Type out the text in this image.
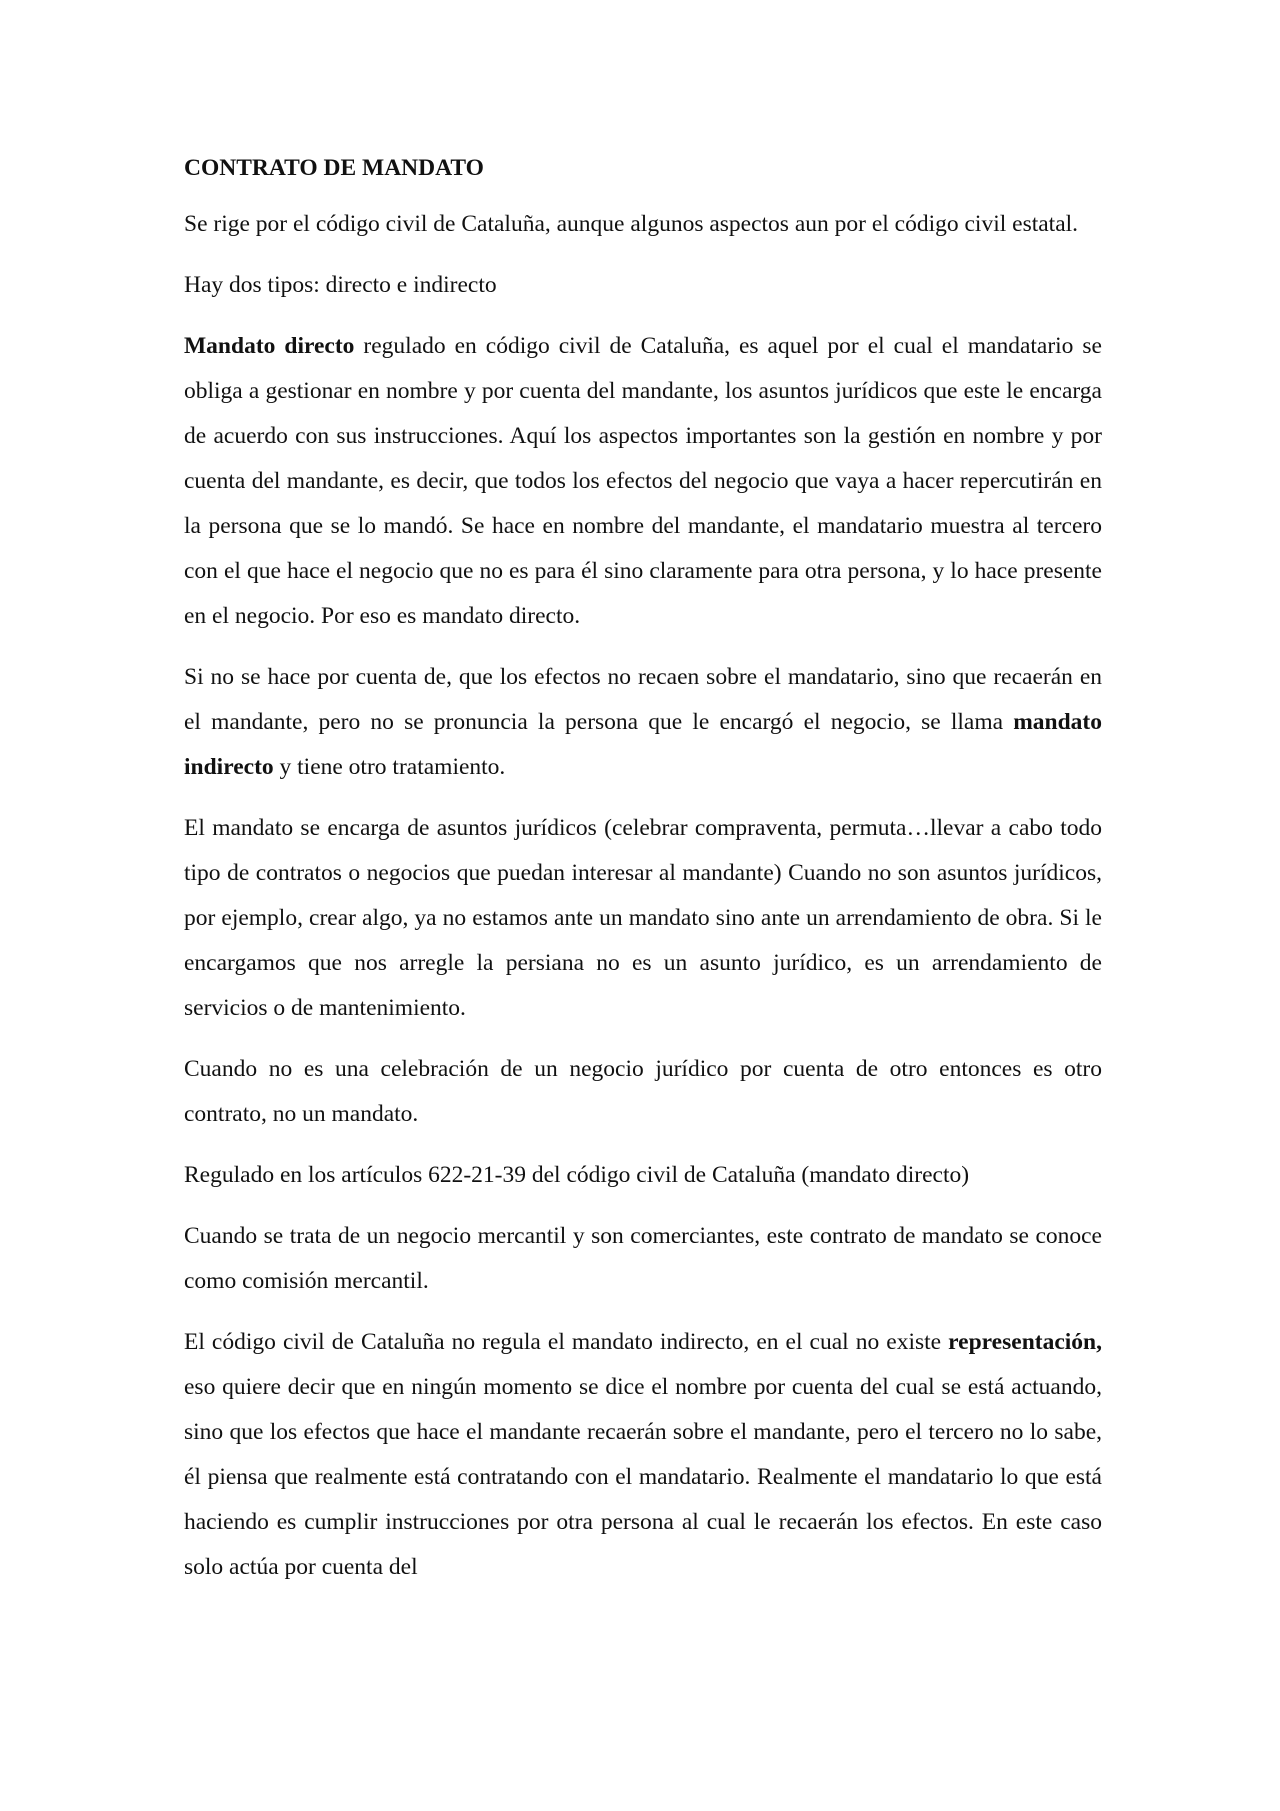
CONTRATO DE MANDATO

Se rige por el código civil de Cataluña, aunque algunos aspectos aun por el código civil estatal.

Hay dos tipos: directo e indirecto

Mandato directo regulado en código civil de Cataluña, es aquel por el cual el mandatario se obliga a gestionar en nombre y por cuenta del mandante, los asuntos jurídicos que este le encarga de acuerdo con sus instrucciones. Aquí los aspectos importantes son la gestión en nombre y por cuenta del mandante, es decir, que todos los efectos del negocio que vaya a hacer repercutirán en la persona que se lo mandó. Se hace en nombre del mandante, el mandatario muestra al tercero con el que hace el negocio que no es para él sino claramente para otra persona, y lo hace presente en el negocio. Por eso es mandato directo.

Si no se hace por cuenta de, que los efectos no recaen sobre el mandatario, sino que recaerán en el mandante, pero no se pronuncia la persona que le encargó el negocio, se llama mandato indirecto y tiene otro tratamiento.

El mandato se encarga de asuntos jurídicos (celebrar compraventa, permuta…llevar a cabo todo tipo de contratos o negocios que puedan interesar al mandante) Cuando no son asuntos jurídicos, por ejemplo, crear algo, ya no estamos ante un mandato sino ante un arrendamiento de obra. Si le encargamos que nos arregle la persiana no es un asunto jurídico, es un arrendamiento de servicios o de mantenimiento.

Cuando no es una celebración de un negocio jurídico por cuenta de otro entonces es otro contrato, no un mandato.

Regulado en los artículos 622-21-39 del código civil de Cataluña (mandato directo)

Cuando se trata de un negocio mercantil y son comerciantes, este contrato de mandato se conoce como comisión mercantil.

El código civil de Cataluña no regula el mandato indirecto, en el cual no existe representación, eso quiere decir que en ningún momento se dice el nombre por cuenta del cual se está actuando, sino que los efectos que hace el mandante recaerán sobre el mandante, pero el tercero no lo sabe, él piensa que realmente está contratando con el mandatario. Realmente el mandatario lo que está haciendo es cumplir instrucciones por otra persona al cual le recaerán los efectos. En este caso solo actúa por cuenta del
